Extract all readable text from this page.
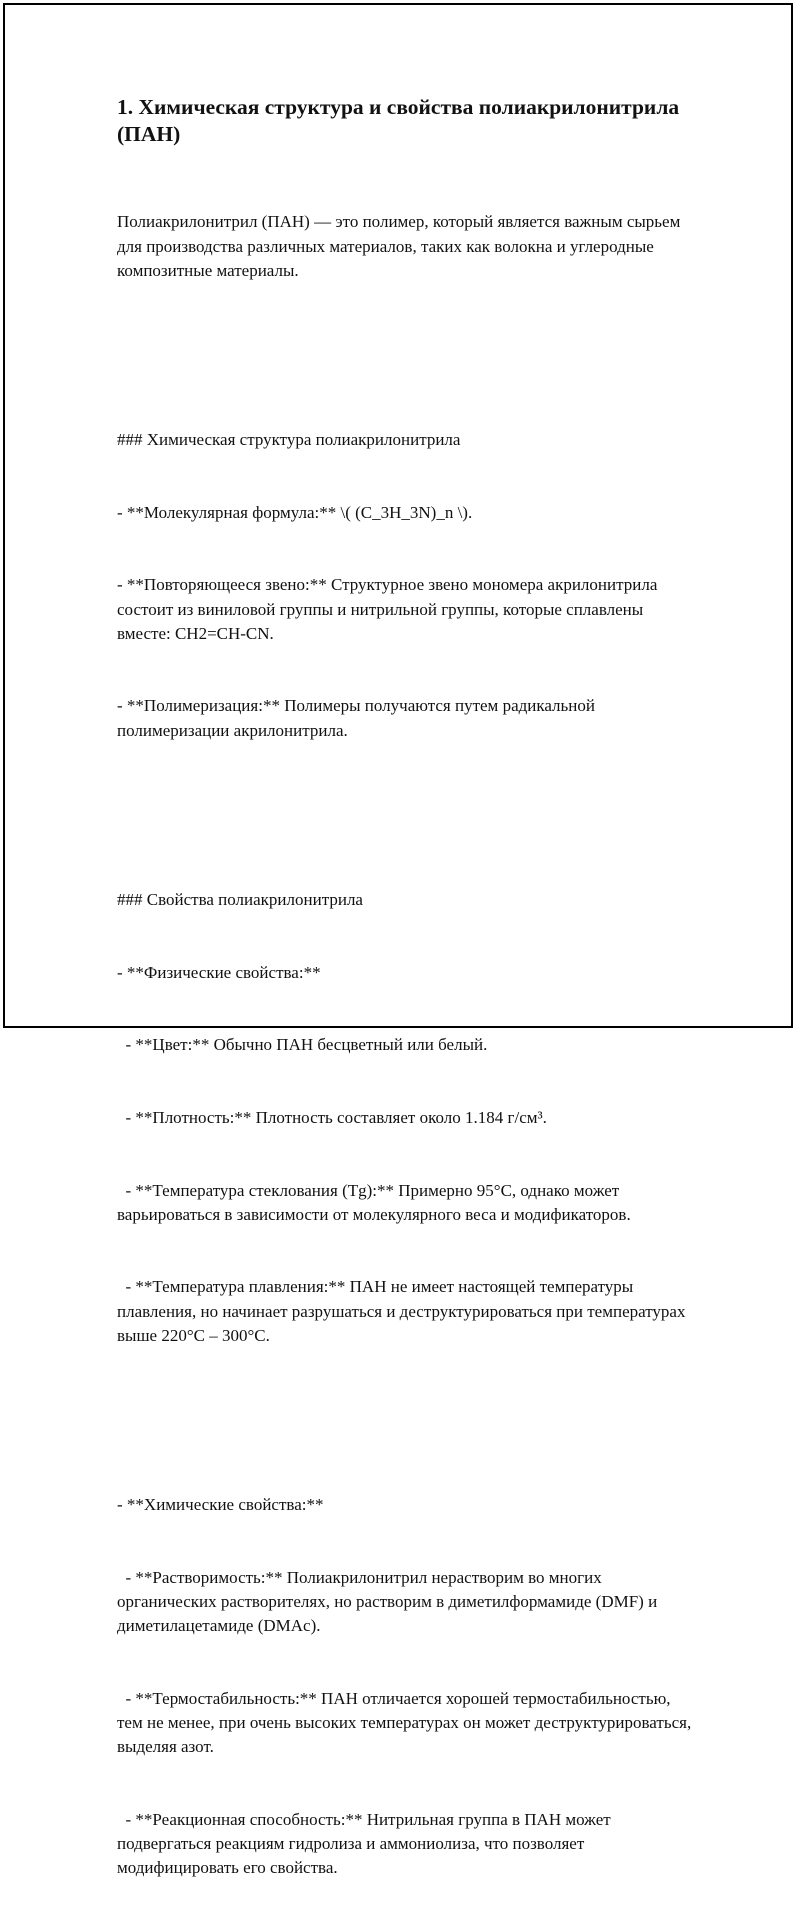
1. Химическая структура и свойства полиакрилонитрила (ПАН)

Полиакрилонитрил (ПАН) — это полимер, который является важным сырьем для производства различных материалов, таких как волокна и углеродные композитные материалы.

### Химическая структура полиакрилонитрила

- **Молекулярная формула:** \( (C_3H_3N)_n \).

- **Повторяющееся звено:** Структурное звено мономера акрилонитрила состоит из виниловой группы и нитрильной группы, которые сплавлены вместе: CH2=CH-CN.

- **Полимеризация:** Полимеры получаются путем радикальной полимеризации акрилонитрила.

### Свойства полиакрилонитрила

- **Физические свойства:**

- **Цвет:** Обычно ПАН бесцветный или белый.

- **Плотность:** Плотность составляет около 1.184 г/см³.

- **Температура стеклования (Tg):** Примерно 95°C, однако может варьироваться в зависимости от молекулярного веса и модификаторов.

- **Температура плавления:** ПАН не имеет настоящей температуры плавления, но начинает разрушаться и деструктурироваться при температурах выше 220°C – 300°C.

- **Химические свойства:**

- **Растворимость:** Полиакрилонитрил нерастворим во многих органических растворителях, но растворим в диметилформамиде (DMF) и диметилацетамиде (DMAc).

- **Термостабильность:** ПАН отличается хорошей термостабильностью, тем не менее, при очень высоких температурах он может деструктурироваться, выделяя азот.

- **Реакционная способность:** Нитрильная группа в ПАН может подвергаться реакциям гидролиза и аммониолиза, что позволяет модифицировать его свойства.
